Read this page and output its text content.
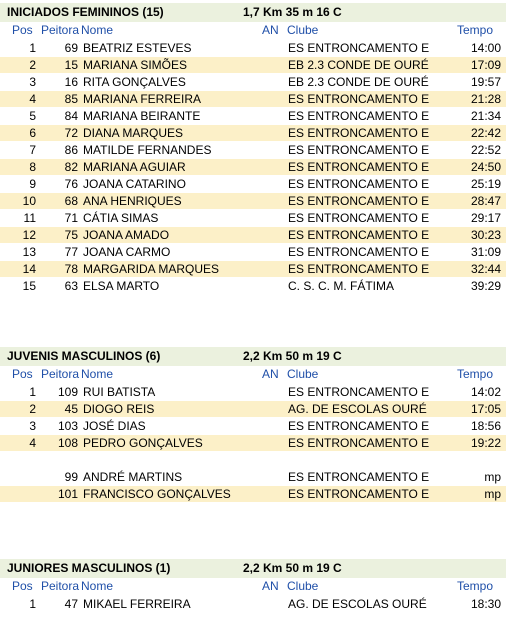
INICIADOS FEMININOS (15)	1,7 Km 35 m 16 C
Pos Peitora Nome	AN Clube	Tempo
1	69 BEATRIZ ESTEVES	ES ENTRONCAMENTO E	14:00
2	15 MARIANA SIMÕES	EB 2.3 CONDE DE OURÉ	17:09
3	16 RITA GONÇALVES	EB 2.3 CONDE DE OURÉ	19:57
4	85 MARIANA FERREIRA	ES ENTRONCAMENTO E	21:28
5	84 MARIANA BEIRANTE	ES ENTRONCAMENTO E	21:34
6	72 DIANA MARQUES	ES ENTRONCAMENTO E	22:42
7	86 MATILDE FERNANDES	ES ENTRONCAMENTO E	22:52
8	82 MARIANA AGUIAR	ES ENTRONCAMENTO E	24:50
9	76 JOANA CATARINO	ES ENTRONCAMENTO E	25:19
10	68 ANA HENRIQUES	ES ENTRONCAMENTO E	28:47
11	71 CÁTIA SIMAS	ES ENTRONCAMENTO E	29:17
12	75 JOANA AMADO	ES ENTRONCAMENTO E	30:23
13	77 JOANA CARMO	ES ENTRONCAMENTO E	31:09
14	78 MARGARIDA MARQUES	ES ENTRONCAMENTO E	32:44
15	63 ELSA MARTO	C. S. C. M. FÁTIMA	39:29
JUVENIS MASCULINOS (6)	2,2 Km 50 m 19 C
Pos Peitora Nome	AN Clube	Tempo
1	109 RUI BATISTA	ES ENTRONCAMENTO E	14:02
2	45 DIOGO REIS	AG. DE ESCOLAS OURÉ	17:05
3	103 JOSÉ DIAS	ES ENTRONCAMENTO E	18:56
4	108 PEDRO GONÇALVES	ES ENTRONCAMENTO E	19:22
99 ANDRÉ MARTINS	ES ENTRONCAMENTO E	mp
101 FRANCISCO GONÇALVES	ES ENTRONCAMENTO E	mp
JUNIORES MASCULINOS (1)	2,2 Km 50 m 19 C
Pos Peitora Nome	AN Clube	Tempo
1	47 MIKAEL FERREIRA	AG. DE ESCOLAS OURÉ	18:30
